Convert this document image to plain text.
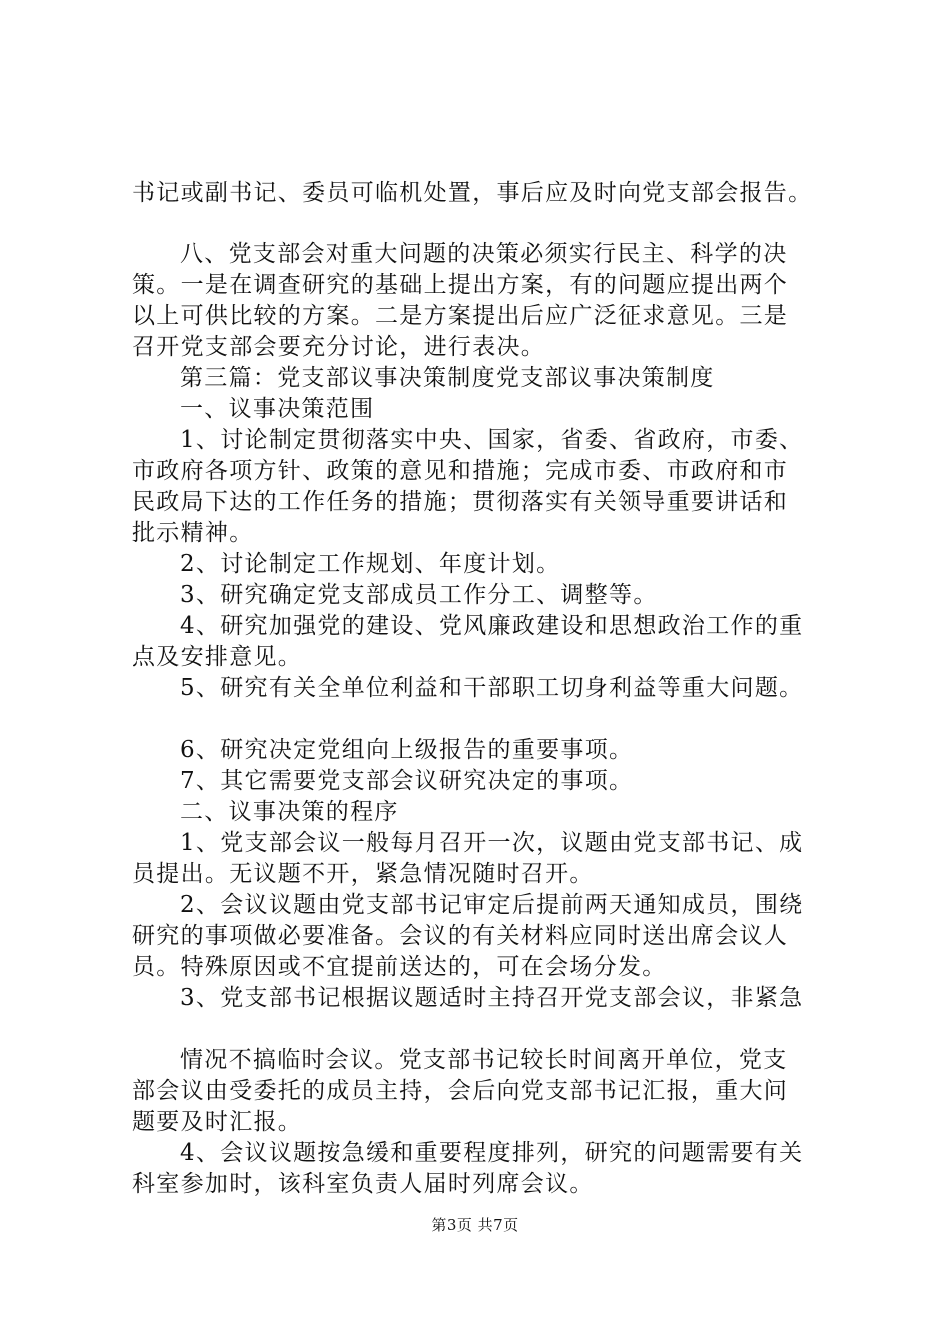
书记或副书记、委员可临机处置，事后应及时向党支部会报告。
八、党支部会对重大问题的决策必须实行民主、科学的决
策。一是在调查研究的基础上提出方案，有的问题应提出两个
以上可供比较的方案。二是方案提出后应广泛征求意见。三是
召开党支部会要充分讨论，进行表决。
第三篇：党支部议事决策制度党支部议事决策制度
一、议事决策范围
1、讨论制定贯彻落实中央、国家，省委、省政府，市委、
市政府各项方针、政策的意见和措施；完成市委、市政府和市
民政局下达的工作任务的措施；贯彻落实有关领导重要讲话和
批示精神。
2、讨论制定工作规划、年度计划。
3、研究确定党支部成员工作分工、调整等。
4、研究加强党的建设、党风廉政建设和思想政治工作的重
点及安排意见。
5、研究有关全单位利益和干部职工切身利益等重大问题。
6、研究决定党组向上级报告的重要事项。
7、其它需要党支部会议研究决定的事项。
二、议事决策的程序
1、党支部会议一般每月召开一次，议题由党支部书记、成
员提出。无议题不开，紧急情况随时召开。
2、会议议题由党支部书记审定后提前两天通知成员，围绕
研究的事项做必要准备。会议的有关材料应同时送出席会议人
员。特殊原因或不宜提前送达的，可在会场分发。
3、党支部书记根据议题适时主持召开党支部会议，非紧急
情况不搞临时会议。党支部书记较长时间离开单位，党支
部会议由受委托的成员主持，会后向党支部书记汇报，重大问
题要及时汇报。
4、会议议题按急缓和重要程度排列，研究的问题需要有关
科室参加时，该科室负责人届时列席会议。
第3页 共7页
